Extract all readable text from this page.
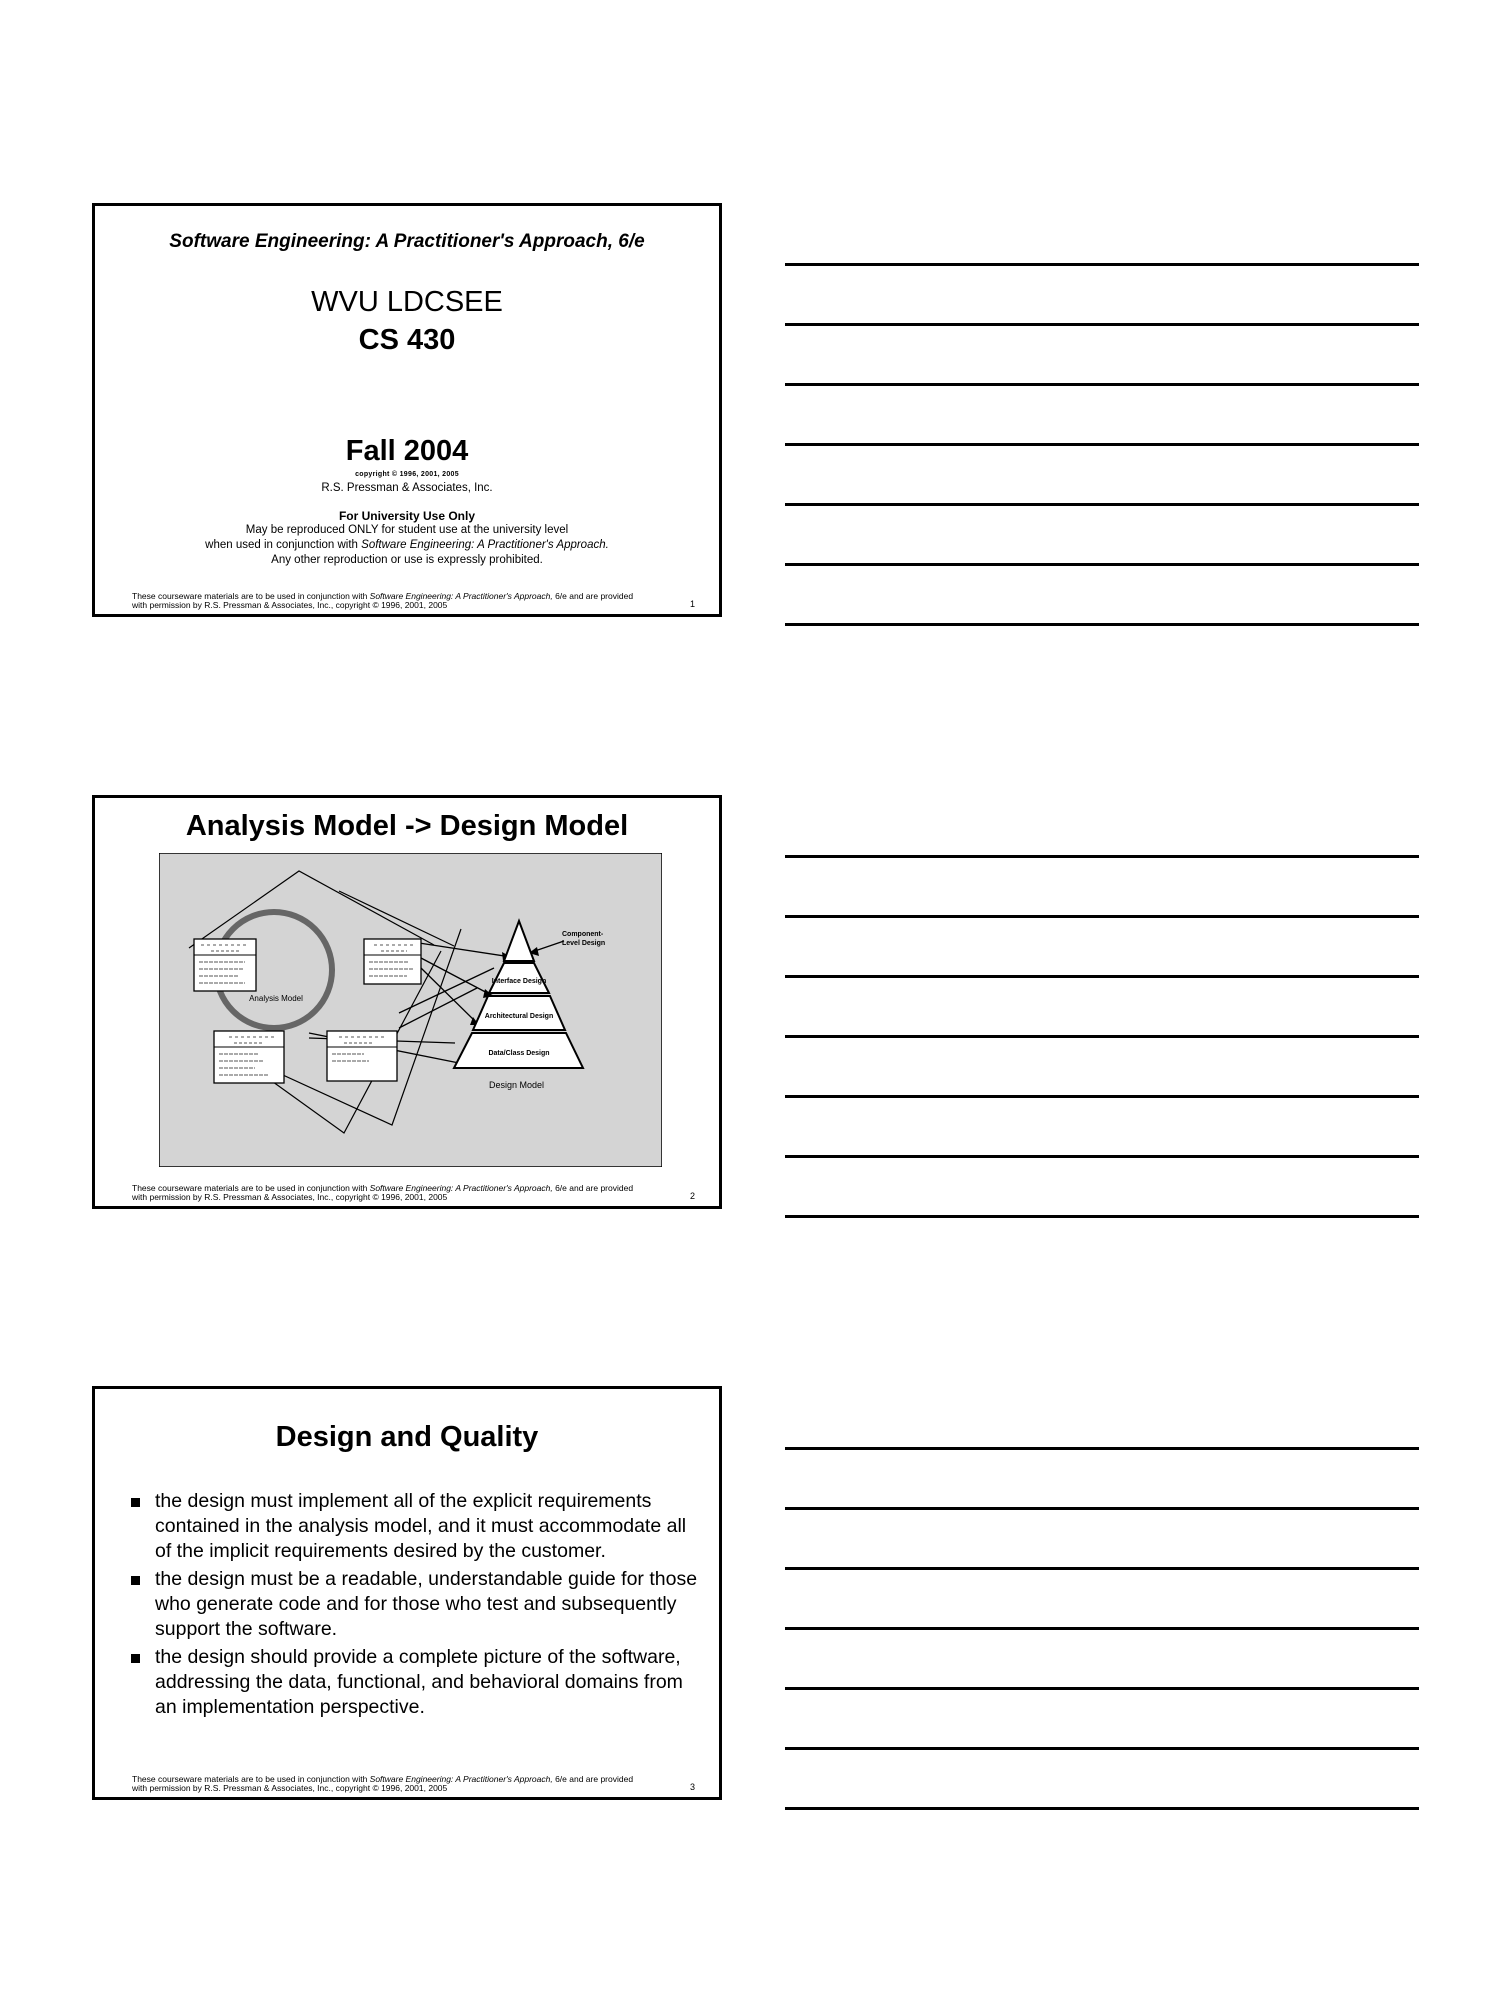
Software Engineering: A Practitioner's Approach, 6/e
WVU LDCSEE
CS 430
Fall 2004
copyright © 1996, 2001, 2005
R.S. Pressman & Associates, Inc.
For University Use Only
May be reproduced ONLY for student use at the university level
when used in conjunction with Software Engineering: A Practitioner's Approach.
Any other reproduction or use is expressly prohibited.
These courseware materials are to be used in conjunction with Software Engineering: A Practitioner's Approach, 6/e and are provided
with permission by R.S. Pressman & Associates, Inc., copyright © 1996, 2001, 2005	1
Analysis Model -> Design Model
Data/Class Design
Architectural Design
Interface Design
Component-
Level Design
Design Model
Analysis Model
These courseware materials are to be used in conjunction with Software Engineering: A Practitioner's Approach, 6/e and are provided
with permission by R.S. Pressman & Associates, Inc., copyright © 1996, 2001, 2005	2
Design and Quality
the design must implement all of the explicit requirements contained in the analysis model, and it must accommodate all of the implicit requirements desired by the customer.
the design must be a readable, understandable guide for those who generate code and for those who test and subsequently support the software.
the design should provide a complete picture of the software, addressing the data, functional, and behavioral domains from an implementation perspective.
These courseware materials are to be used in conjunction with Software Engineering: A Practitioner's Approach, 6/e and are provided
with permission by R.S. Pressman & Associates, Inc., copyright © 1996, 2001, 2005	3
